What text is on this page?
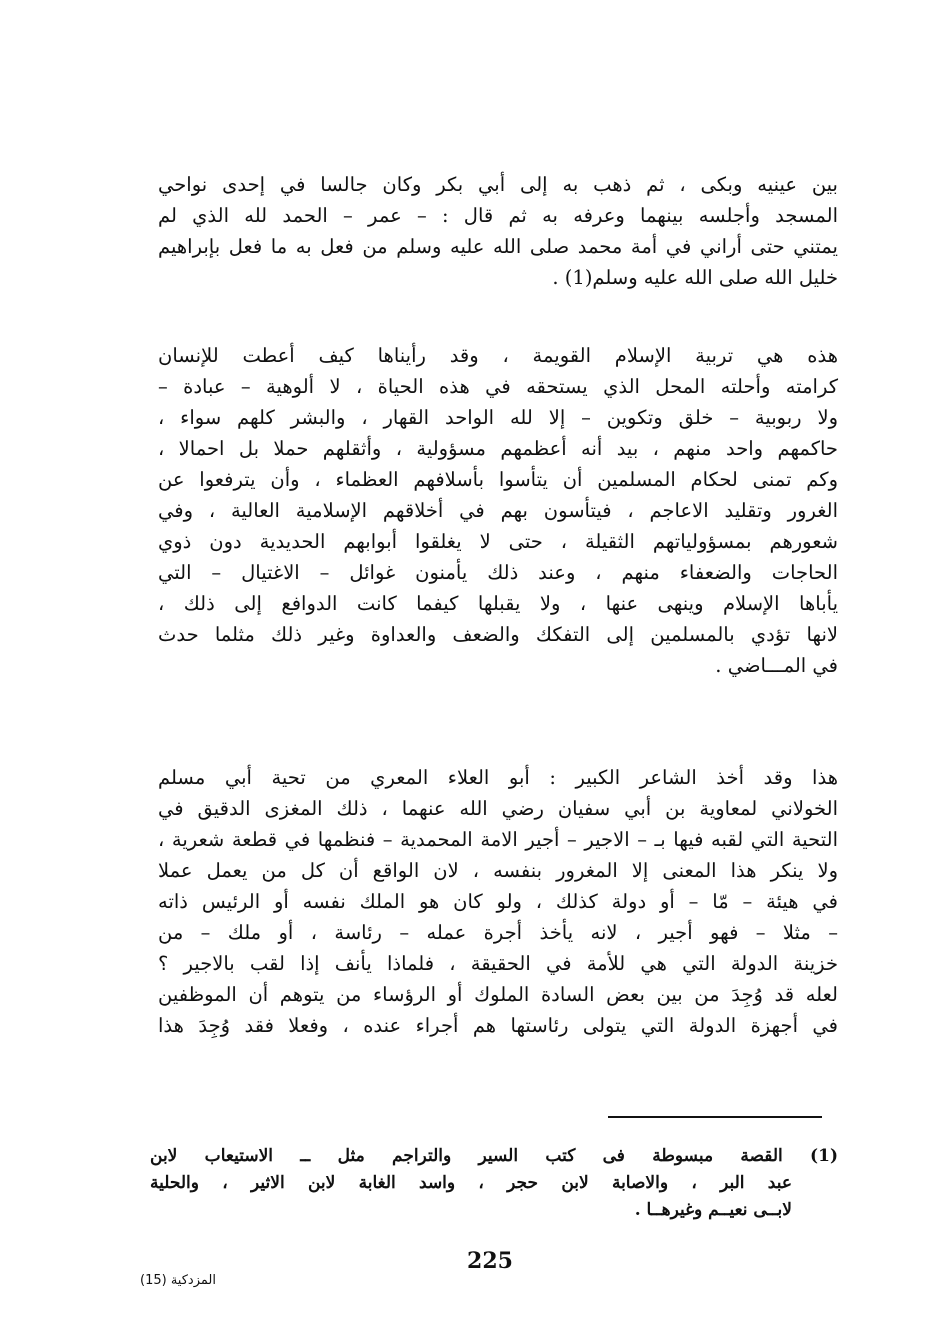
بين عينيه وبكى ، ثم ذهب به إلى أبي بكر وكان جالسا في إحدى نواحي
المسجد وأجلسه بينهما وعرفه به ثم قال : – عمر – الحمد لله الذي لم
يمتني حتى أراني في أمة محمد صلى الله عليه وسلم من فعل به ما فعل بإبراهيم
خليل الله صلى الله عليه وسلم(1) .
هذه هي تربية الإسلام القويمة ، وقد رأيناها كيف أعطت للإنسان
كرامته وأحلته المحل الذي يستحقه في هذه الحياة ، لا ألوهية – عبادة –
ولا ربوبية – خلق وتكوين – إلا لله الواحد القهار ، والبشر كلهم سواء ،
حاكمهم واحد منهم ، بيد أنه أعظمهم مسؤولية ، وأثقلهم حملا بل احمالا ،
وكم تمنى لحكام المسلمين أن يتأسوا بأسلافهم العظماء ، وأن يترفعوا عن
الغرور وتقليد الاعاجم ، فيتأسون بهم في أخلاقهم الإسلامية العالية ، وفي
شعورهم بمسؤولياتهم الثقيلة ، حتى لا يغلقوا أبوابهم الحديدية دون ذوي
الحاجات والضعفاء منهم ، وعند ذلك يأمنون غوائل – الاغتيال – التي
يأباها الإسلام وينهى عنها ، ولا يقبلها كيفما كانت الدوافع إلى ذلك ،
لانها تؤدي بالمسلمين إلى التفكك والضعف والعداوة وغير ذلك مثلما حدث
في المـــاضي .
هذا وقد أخذ الشاعر الكبير : أبو العلاء المعري من تحية أبي مسلم
الخولاني لمعاوية بن أبي سفيان رضي الله عنهما ، ذلك المغزى الدقيق في
التحية التي لقبه فيها بـ – الاجير – أجير الامة المحمدية – فنظمها في قطعة شعرية ،
ولا ينكر هذا المعنى إلا المغرور بنفسه ، لان الواقع أن كل من يعمل عملا
في هيئة – مّا – أو دولة كذلك ، ولو كان هو الملك نفسه أو الرئيس ذاته
– مثلا – فهو أجير ، لانه يأخذ أجرة عمله – رئاسة ، أو ملك – من
خزينة الدولة التي هي للأمة في الحقيقة ، فلماذا يأنف إذا لقب بالاجير ؟
لعله قد وُجِدَ من بين بعض السادة الملوك أو الرؤساء من يتوهم أن الموظفين
في أجهزة الدولة التي يتولى رئاستها هم أجراء عنده ، وفعلا فقد وُجِدَ هذا
(1) القصة مبسوطة فى كتب السير والتراجم مثل ــ الاستيعاب لابن
عبد البر ، والاصابة لابن حجر ، واسد الغابة لابن الاثير ، والحلية
لابــى نعيــم وغيرهــا .
225
المزدكية (15)
